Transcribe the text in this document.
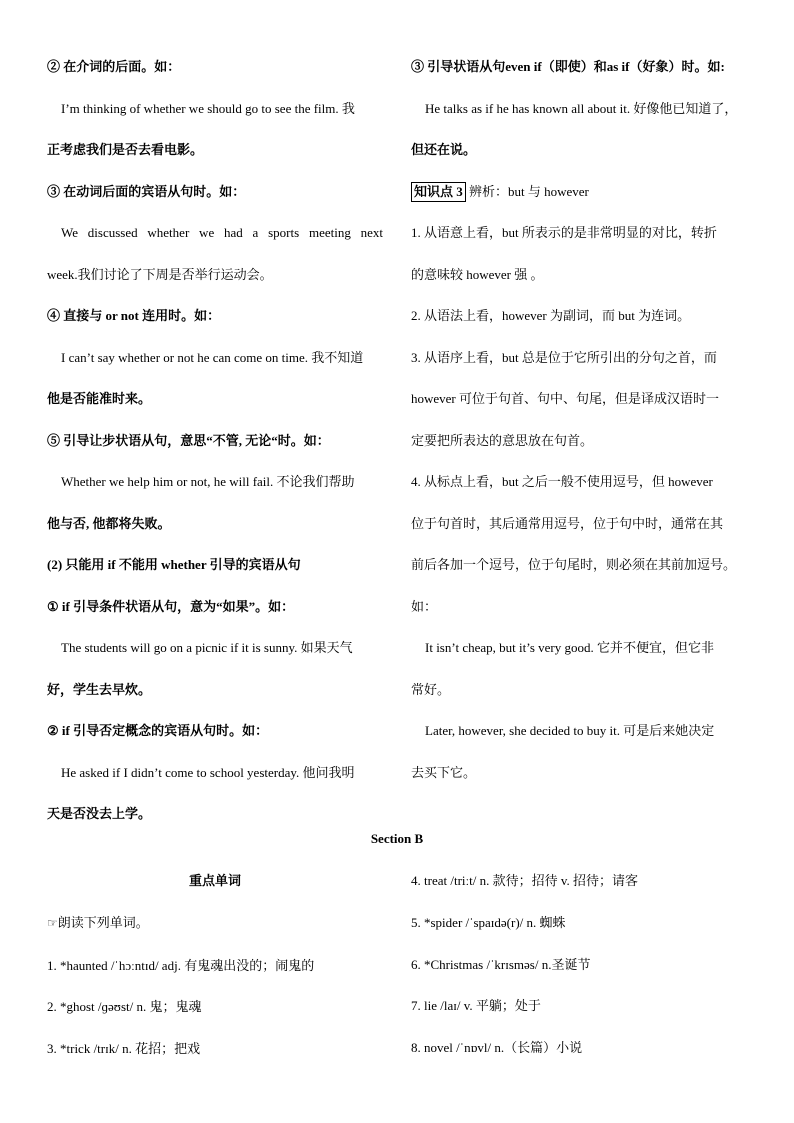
② 在介词的后面。如：

I’m thinking of whether we should go to see the film. 我

正考虑我们是否去看电影。

③ 在动词后面的宾语从句时。如：

We discussed whether we had a sports meeting next

week.我们讨论了下周是否举行运动会。

④ 直接与 or not 连用时。如：

I can’t say whether or not he can come on time. 我不知道

他是否能准时来。

⑤ 引导让步状语从句，意思“不管, 无论“时。如：

Whether we help him or not, he will fail. 不论我们帮助

他与否, 他都将失败。

(2) 只能用 if 不能用 whether 引导的宾语从句

① if 引导条件状语从句，意为“如果”。如：

The students will go on a picnic if it is sunny. 如果天气

好，学生去早炊。

② if 引导否定概念的宾语从句时。如：

He asked if I didn’t come to school yesterday. 他问我明

天是否没去上学。

③ 引导状语从句even if（即使）和as if（好象）时。如:

He talks as if he has known all about it. 好像他已知道了，

但还在说。

知识点 3 辨析：but 与 however

1. 从语意上看，but 所表示的是非常明显的对比，转折

的意味较 however 强 。

2. 从语法上看，however 为副词，而 but 为连词。

3. 从语序上看，but 总是位于它所引出的分句之首，而

however 可位于句首、句中、句尾，但是译成汉语时一

定要把所表达的意思放在句首。

4. 从标点上看，but 之后一般不使用逗号，但 however

位于句首时，其后通常用逗号，位于句中时，通常在其

前后各加一个逗号，位于句尾时，则必须在其前加逗号。

如：

It isn’t cheap, but it’s very good. 它并不便宜，但它非

常好。

Later, however, she decided to buy it. 可是后来她决定

去买下它。

Section B

重点单词

☞朗读下列单词。

1. *haunted /ˈhɔːntɪd/ adj. 有鬼魂出没的；闹鬼的

2. *ghost /ɡəʊst/ n. 鬼；鬼魂

3. *trick /trɪk/ n. 花招；把戏

4. treat /triːt/ n. 款待；招待 v. 招待；请客

5. *spider /ˈspaɪdə(r)/ n. 蜘蛛

6. *Christmas /ˈkrɪsməs/ n.圣诞节

7. lie /laɪ/ v. 平躺；处于

8. novel /ˈnɒvl/ n.（长篇）小说
